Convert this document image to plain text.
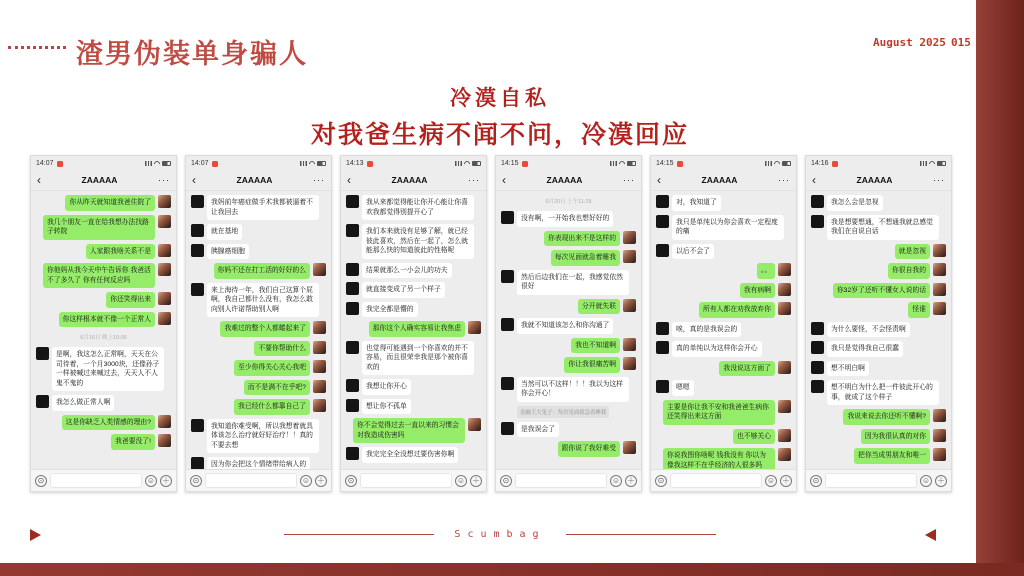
渣男伪装单身骗人	August 2025 015
冷漠自私
对我爸生病不闻不问，冷漠回应
14:07
‹	ZAAAAA	···
你从昨天就知道我爸住院了
我几个朋友一直在给我想办法找路子转院
人家跟我啥关系不是
你他妈从我今天中午告诉你 我爸活不了多久了 你有任何反应吗
你还笑得出来
你这样根本就不像一个正常人
6月16日 晚上10:06
是啊，我这怎么正常啊，天天在公司待着，一个月3000块，还像孙子一样被喊过来喊过去，天天人不人鬼不鬼的
我怎么做正常人啊
这是你缺乏人类情感的理由?
我爸要没了!
⊙	☺ ＋
14:07
‹	ZAAAAA	···
我妈前年癌症做手术我都被逼着不让我回去
就在基地
胰腺癌细胞
你妈不还在打工活的好好的么
来上海待一年，我们自己这算个屁啊，我自己都什么没有，我怎么敢向别人许诺帮助别人啊
我难过的整个人都蜷起来了
不要你帮助什么
至少你得关心关心我吧
而不是满不在乎吧?
我已经什么都靠自己了
我知道你难受啊，所以我想着就具体该怎么治疗就好好治疗！！真的不要去想
因为你会把这个情绪带给病人的
⊙	☺ ＋
14:13
‹	ZAAAAA	···
我从来都觉得能让你开心能让你喜欢我都觉得别提开心了
我们本来就没有足够了解，就已经彼此喜欢，然后在一起了，怎么就能那么快的知道彼此的性格呢
结果就那么一小会儿的功夫
就直接变成了另一个样子
我完全都是懵的
那你这个人确实容易让我焦虑
也觉得可能遇到一个你喜欢的并不容易，而且很荣幸我是那个被你喜欢的
我想让你开心
想让你不孤单
你不会觉得过去一直以来的习惯会对我造成伤害吗
我完完全全没想过要伤害你啊
⊙	☺ ＋
14:15
‹	ZAAAAA	···
6月20日 上午11:28
没有啊，一开始我也想好好的
你表现出来不是这样的
每次见面就急着睡我
然后后边我们在一起，我感觉依然很好
分开就失联
我就不知道该怎么和你沟通了
我也不知道啊
你让我很痛苦啊
当然可以不这样！！！我以为这样你会开心！
金融王大兔子：每次见面就急着睡我
是我误会了
跟你说了我好难受
⊙	☺ ＋
14:15
‹	ZAAAAA	···
对，我知道了
我只是单纯以为你会喜欢一定程度的痛
以后不会了
。。
我有病啊
所有人都在劝我放弃你
唉，真的是我误会的
真的单纯以为这样你会开心
我没说这方面了
嗯嗯
主要是你让我不安和我爸爸生病你还笑得出来这方面
也不够关心
你说我图你啥呢 钱我没有 你以为像我这样不在乎经济的人很多吗
⊙	☺ ＋
14:16
‹	ZAAAAA	···
我怎么会是忽视
我是想要想通，不想通我就总感觉我们在自说自话
就是忽视
你很自我的
你32岁了还听不懂女人说的话
怪谁
为什么要怪，不会怪责啊
我只是觉得我自己很蠢
想不明白啊
想不明白为什么把一件彼此开心的事，就成了这个样子
我说来说去你还听不懂啊?
因为我很认真的对你
把你当成男朋友和唯一
⊙	☺ ＋
Scumbag
